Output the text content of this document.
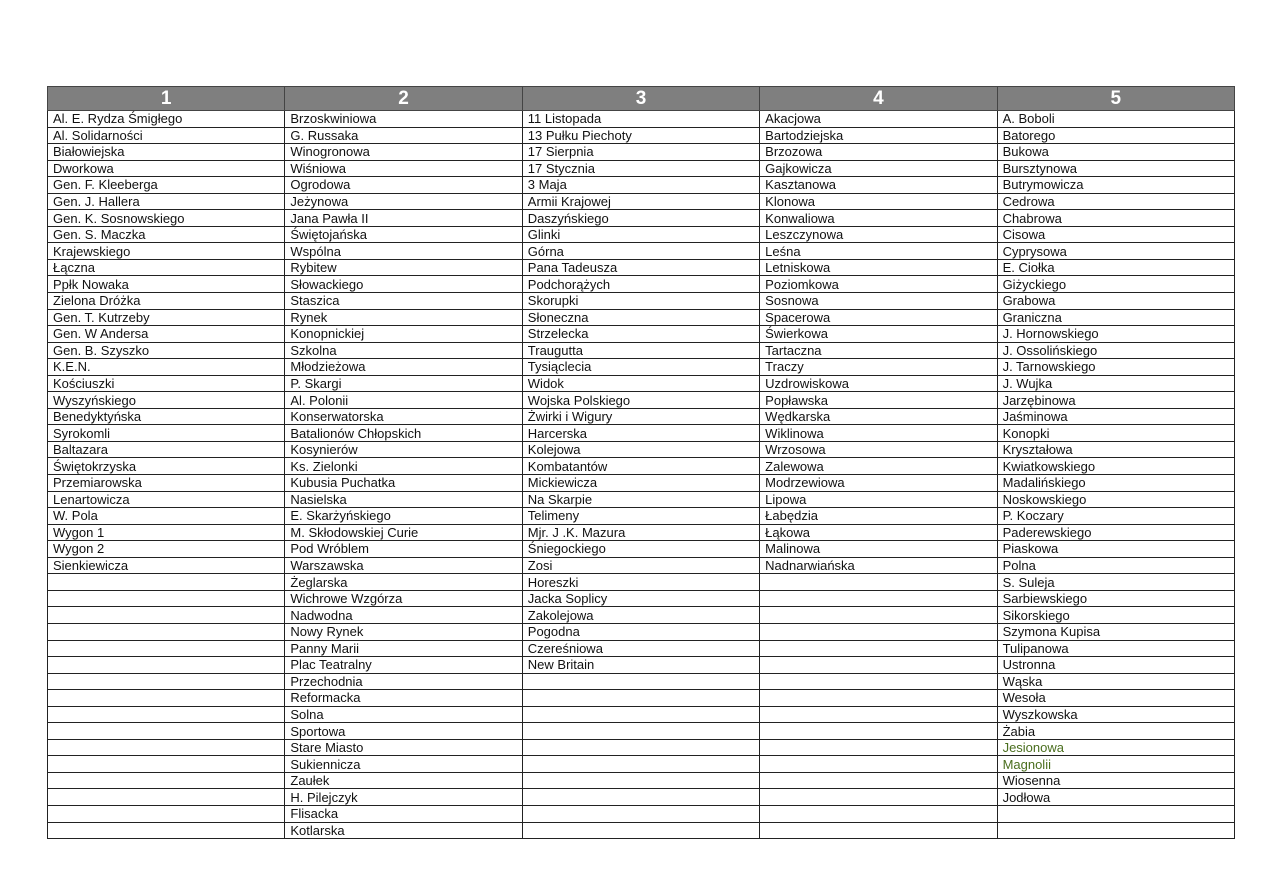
1	2	3	4	5
Al. E. Rydza Śmigłego	Brzoskwiniowa	11 Listopada	Akacjowa	A. Boboli
Al. Solidarności	G. Russaka	13 Pułku Piechoty	Bartodziejska	Batorego
Białowiejska	Winogronowa	17 Sierpnia	Brzozowa	Bukowa
Dworkowa	Wiśniowa	17 Stycznia	Gajkowicza	Bursztynowa
Gen. F. Kleeberga	Ogrodowa	3 Maja	Kasztanowa	Butrymowicza
Gen. J. Hallera	Jeżynowa	Armii Krajowej	Klonowa	Cedrowa
Gen. K. Sosnowskiego	Jana Pawła II	Daszyńskiego	Konwaliowa	Chabrowa
Gen. S. Maczka	Świętojańska	Glinki	Leszczynowa	Cisowa
Krajewskiego	Wspólna	Górna	Leśna	Cyprysowa
Łączna	Rybitew	Pana Tadeusza	Letniskowa	E. Ciołka
Ppłk Nowaka	Słowackiego	Podchorążych	Poziomkowa	Giżyckiego
Zielona Dróżka	Staszica	Skorupki	Sosnowa	Grabowa
Gen. T. Kutrzeby	Rynek	Słoneczna	Spacerowa	Graniczna
Gen. W Andersa	Konopnickiej	Strzelecka	Świerkowa	J. Hornowskiego
Gen. B. Szyszko	Szkolna	Traugutta	Tartaczna	J. Ossolińskiego
K.E.N.	Młodzieżowa	Tysiąclecia	Traczy	J. Tarnowskiego
Kościuszki	P. Skargi	Widok	Uzdrowiskowa	J. Wujka
Wyszyńskiego	Al. Polonii	Wojska Polskiego	Popławska	Jarzębinowa
Benedyktyńska	Konserwatorska	Żwirki i Wigury	Wędkarska	Jaśminowa
Syrokomli	Batalionów Chłopskich	Harcerska	Wiklinowa	Konopki
Baltazara	Kosynierów	Kolejowa	Wrzosowa	Kryształowa
Świętokrzyska	Ks. Zielonki	Kombatantów	Zalewowa	Kwiatkowskiego
Przemiarowska	Kubusia Puchatka	Mickiewicza	Modrzewiowa	Madalińskiego
Lenartowicza	Nasielska	Na Skarpie	Lipowa	Noskowskiego
W. Pola	E. Skarżyńskiego	Telimeny	Łabędzia	P. Koczary
Wygon 1	M. Skłodowskiej Curie	Mjr. J .K. Mazura	Łąkowa	Paderewskiego
Wygon 2	Pod Wróblem	Śniegockiego	Malinowa	Piaskowa
Sienkiewicza	Warszawska	Zosi	Nadnarwiańska	Polna
	Żeglarska	Horeszki		S. Suleja
	Wichrowe Wzgórza	Jacka Soplicy		Sarbiewskiego
	Nadwodna	Zakolejowa		Sikorskiego
	Nowy Rynek	Pogodna		Szymona Kupisa
	Panny Marii	Czereśniowa		Tulipanowa
	Plac Teatralny	New Britain		Ustronna
	Przechodnia			Wąska
	Reformacka			Wesoła
	Solna			Wyszkowska
	Sportowa			Żabia
	Stare Miasto			Jesionowa
	Sukiennicza			Magnolii
	Zaułek			Wiosenna
	H. Pilejczyk			Jodłowa
	Flisacka			
	Kotlarska			
